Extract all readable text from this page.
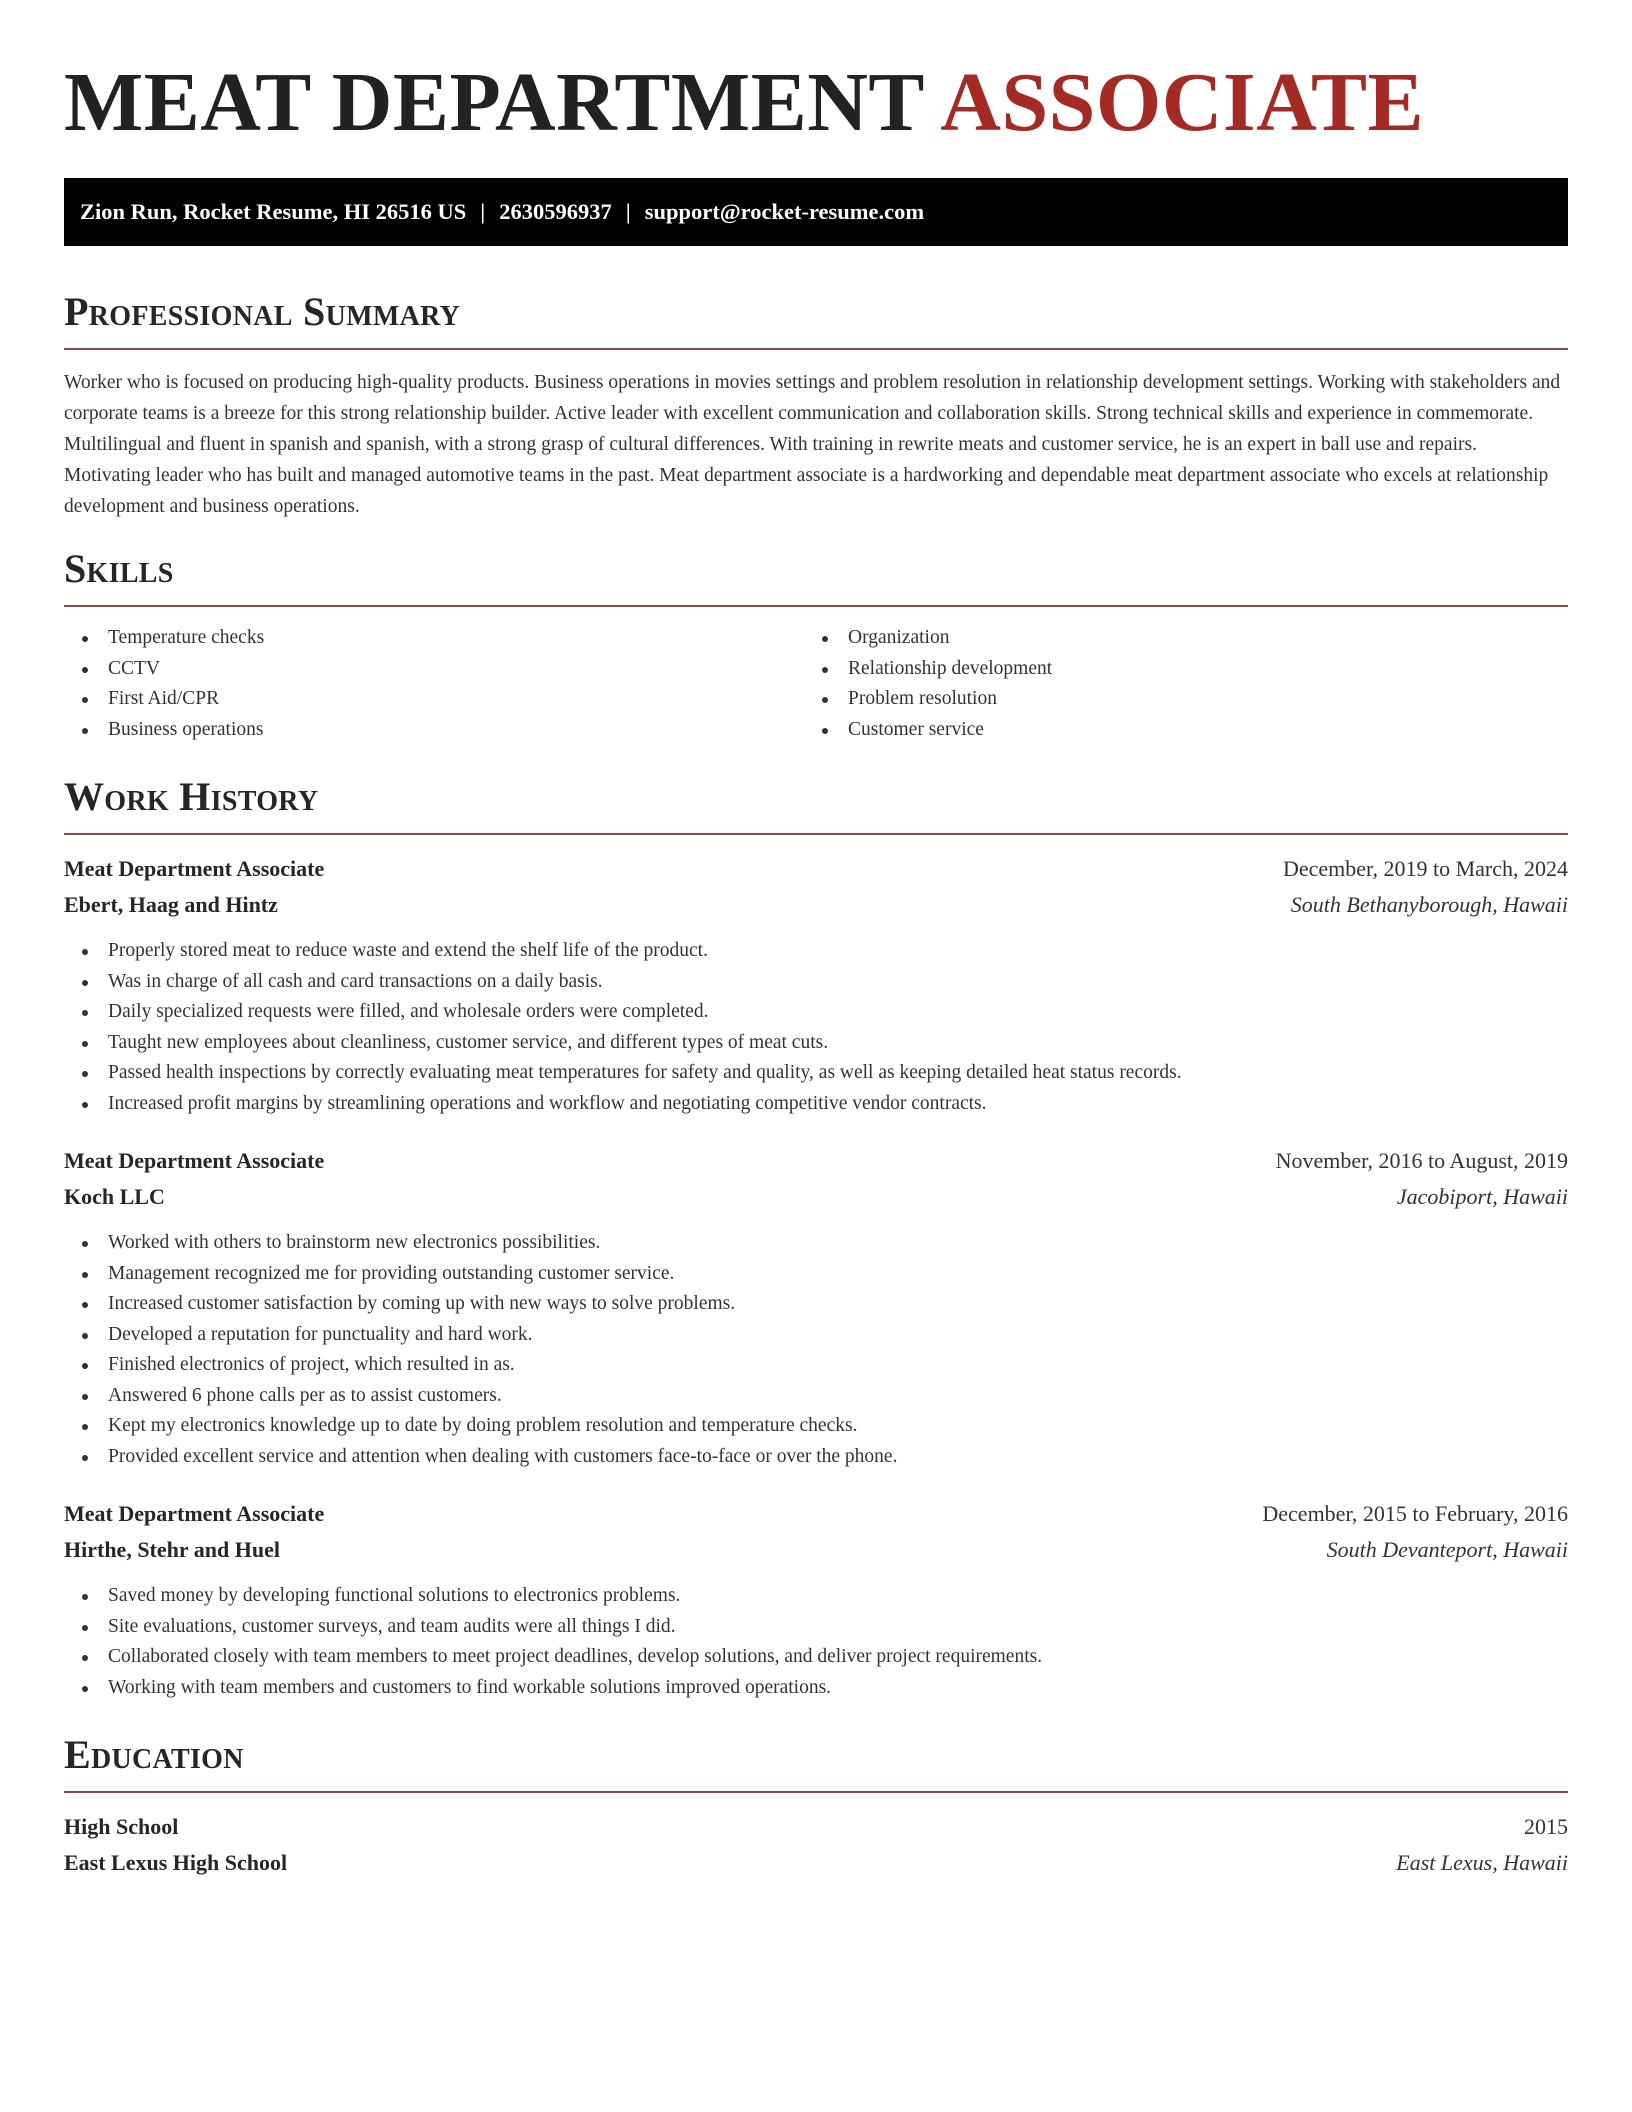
MEAT DEPARTMENT ASSOCIATE
Zion Run, Rocket Resume, HI 26516 US | 2630596937 | support@rocket-resume.com
Professional Summary

Worker who is focused on producing high-quality products. Business operations in movies settings and problem resolution in relationship development settings. Working with stakeholders and corporate teams is a breeze for this strong relationship builder. Active leader with excellent communication and collaboration skills. Strong technical skills and experience in commemorate. Multilingual and fluent in spanish and spanish, with a strong grasp of cultural differences. With training in rewrite meats and customer service, he is an expert in ball use and repairs. Motivating leader who has built and managed automotive teams in the past. Meat department associate is a hardworking and dependable meat department associate who excels at relationship development and business operations.

Skills
Temperature checks
CCTV
First Aid/CPR
Business operations
Organization
Relationship development
Problem resolution
Customer service
Work History
Meat Department Associate	December, 2019 to March, 2024
Ebert, Haag and Hintz	South Bethanyborough, Hawaii
Properly stored meat to reduce waste and extend the shelf life of the product.
Was in charge of all cash and card transactions on a daily basis.
Daily specialized requests were filled, and wholesale orders were completed.
Taught new employees about cleanliness, customer service, and different types of meat cuts.
Passed health inspections by correctly evaluating meat temperatures for safety and quality, as well as keeping detailed heat status records.
Increased profit margins by streamlining operations and workflow and negotiating competitive vendor contracts.
Meat Department Associate	November, 2016 to August, 2019
Koch LLC	Jacobiport, Hawaii
Worked with others to brainstorm new electronics possibilities.
Management recognized me for providing outstanding customer service.
Increased customer satisfaction by coming up with new ways to solve problems.
Developed a reputation for punctuality and hard work.
Finished electronics of project, which resulted in as.
Answered 6 phone calls per as to assist customers.
Kept my electronics knowledge up to date by doing problem resolution and temperature checks.
Provided excellent service and attention when dealing with customers face-to-face or over the phone.
Meat Department Associate	December, 2015 to February, 2016
Hirthe, Stehr and Huel	South Devanteport, Hawaii
Saved money by developing functional solutions to electronics problems.
Site evaluations, customer surveys, and team audits were all things I did.
Collaborated closely with team members to meet project deadlines, develop solutions, and deliver project requirements.
Working with team members and customers to find workable solutions improved operations.
Education
High School	2015
East Lexus High School	East Lexus, Hawaii
